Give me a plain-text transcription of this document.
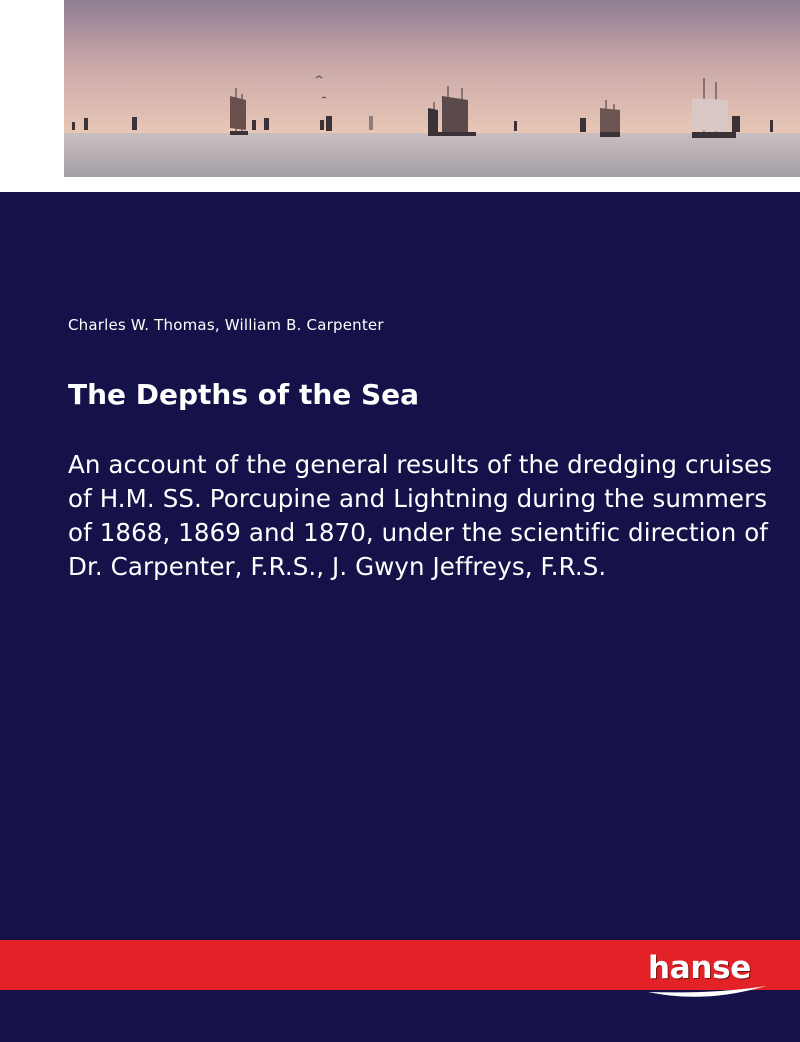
Charles W. Thomas, William B. Carpenter
The Depths of the Sea
An account of the general results of the dredging cruises of H.M. SS. Porcupine and Lightning during the summers of 1868, 1869 and 1870, under the scientific direction of Dr. Carpenter, F.R.S., J. Gwyn Jeffreys, F.R.S.
hanse
